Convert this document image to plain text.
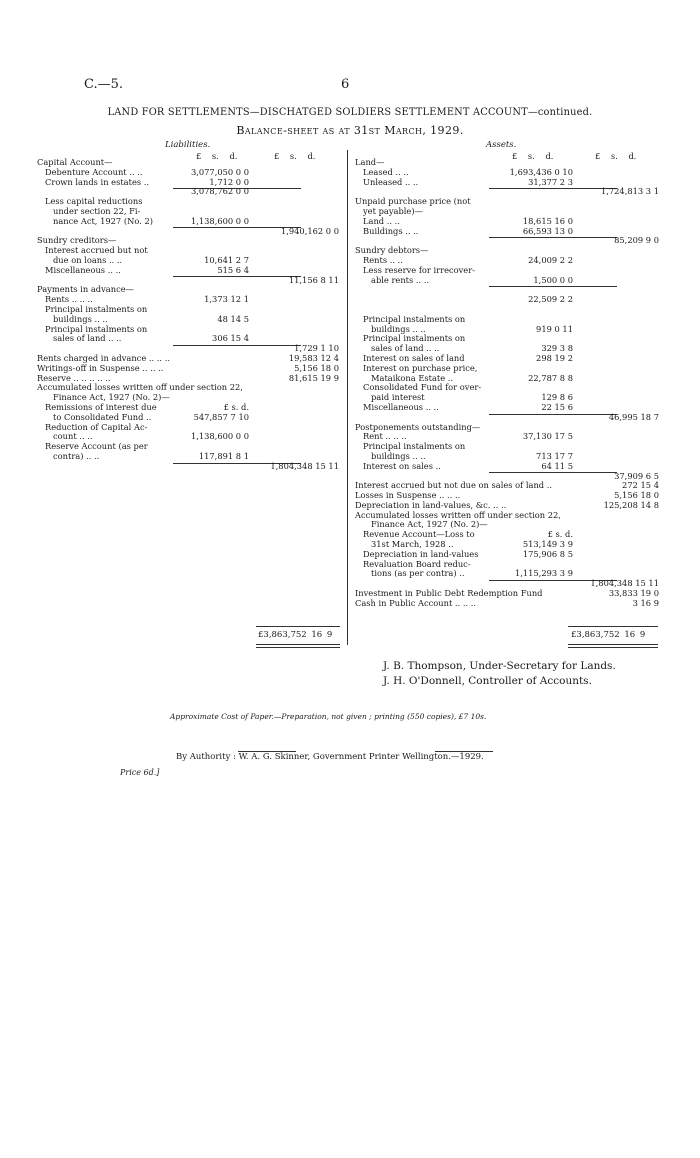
C.—5.	6
LAND FOR SETTLEMENTS—DISCHATGED SOLDIERS SETTLEMENT ACCOUNT—continued.
Balance-sheet as at 31st March, 1929.
Liabilities.
£ s. d.	£ s. d.
Capital Account—
Debenture Account .. ..	3,077,050 0 0
Crown lands in estates ..	1,712 0 0
3,078,762 0 0
Less capital reductions
under section 22, Fi-
nance Act, 1927 (No. 2)	1,138,600 0 0
1,940,162 0 0
Sundry creditors—
Interest accrued but not
due on loans .. ..	10,641 2 7
Miscellaneous .. ..	515 6 4
11,156 8 11
Payments in advance—
Rents .. .. ..	1,373 12 1
Principal instalments on
buildings .. ..	48 14 5
Principal instalments on
sales of land .. ..	306 15 4
1,729 1 10
Rents charged in advance .. .. ..	19,583 12 4
Writings-off in Suspense .. .. ..	5,156 18 0
Reserve .. .. .. .. ..	81,615 19 9
Accumulated losses written off under section 22,
Finance Act, 1927 (No. 2)—
Remissions of interest due	£ s. d.
to Consolidated Fund ..	547,857 7 10
Reduction of Capital Ac-
count .. ..	1,138,600 0 0
Reserve Account (as per
contra) .. ..	117,891 8 1
1,804,348 15 11
Assets.
£ s. d.	£ s. d.
Land—
Leased .. ..	1,693,436 0 10
Unleased .. ..	31,377 2 3
1,724,813 3 1
Unpaid purchase price (not
yet payable)—
Land .. ..	18,615 16 0
Buildings .. ..	66,593 13 0
85,209 9 0
Sundry debtors—
Rents .. ..	24,009 2 2
Less reserve for irrecover-
able rents .. ..	1,500 0 0
22,509 2 2
Principal instalments on
buildings .. ..	919 0 11
Principal instalments on
sales of land .. ..	329 3 8
Interest on sales of land	298 19 2
Interest on purchase price,
Mataikona Estate ..	22,787 8 8
Consolidated Fund for over-
paid interest	129 8 6
Miscellaneous .. ..	22 15 6
46,995 18 7
Postponements outstanding—
Rent .. .. ..	37,130 17 5
Principal instalments on
buildings .. ..	713 17 7
Interest on sales ..	64 11 5
37,909 6 5
Interest accrued but not due on sales of land ..	272 15 4
Losses in Suspense .. .. ..	5,156 18 0
Depreciation in land-values, &c. .. ..	125,208 14 8
Accumulated losses written off under section 22,
Finance Act, 1927 (No. 2)—
Revenue Account—Loss to	£ s. d.
31st March, 1928 ..	513,149 3 9
Depreciation in land-values	175,906 8 5
Revaluation Board reduc-
tions (as per contra) ..	1,115,293 3 9
1,804,348 15 11
Investment in Public Debt Redemption Fund	33,833 19 0
Cash in Public Account .. .. ..	3 16 9
£3,863,752 16 9	£3,863,752 16 9
J. B. Thompson, Under-Secretary for Lands.
J. H. O'Donnell, Controller of Accounts.
Approximate Cost of Paper.—Preparation, not given ; printing (550 copies), £7 10s.
By Authority : W. A. G. Skinner, Government Printer Wellington.—1929.
Price 6d.]
